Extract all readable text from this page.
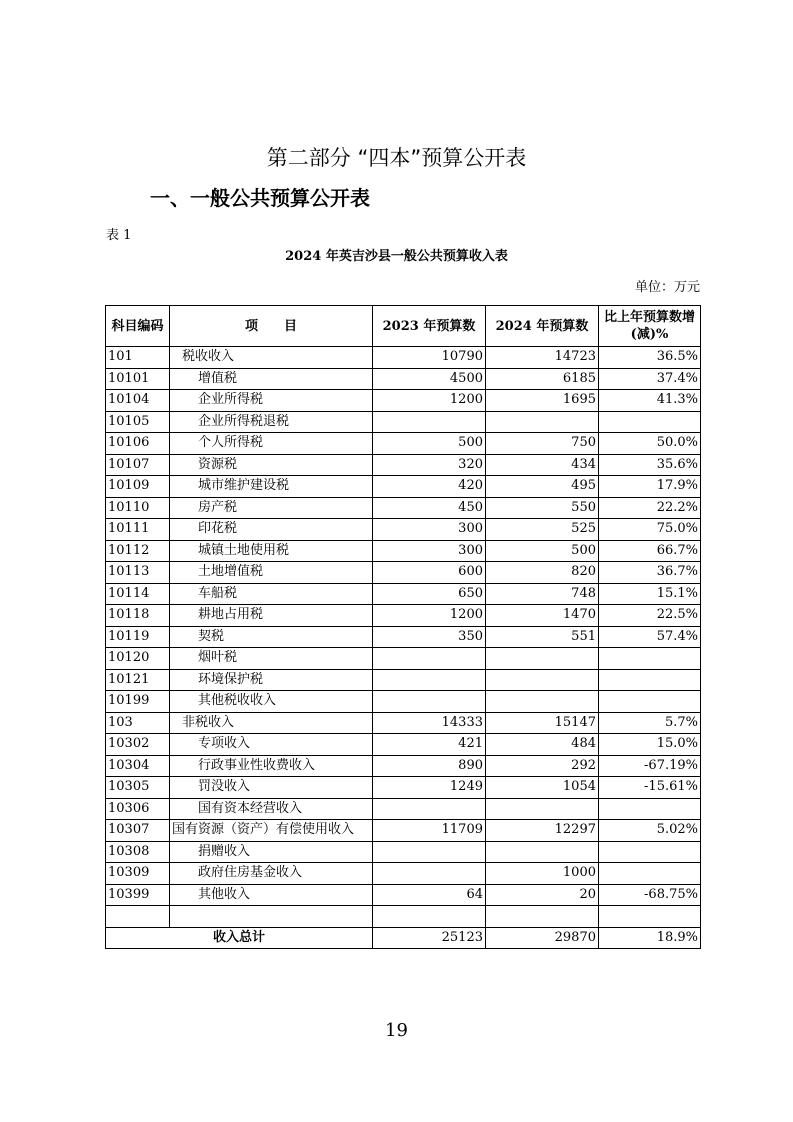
第二部分 “四本”预算公开表
一、一般公共预算公开表
表 1
2024 年英吉沙县一般公共预算收入表
单位：万元
科目编码	项　　目	2023 年预算数	2024 年预算数	比上年预算数增(减)%
101	税收收入	10790	14723	36.5%
10101	增值税	4500	6185	37.4%
10104	企业所得税	1200	1695	41.3%
10105	企业所得税退税			
10106	个人所得税	500	750	50.0%
10107	资源税	320	434	35.6%
10109	城市维护建设税	420	495	17.9%
10110	房产税	450	550	22.2%
10111	印花税	300	525	75.0%
10112	城镇土地使用税	300	500	66.7%
10113	土地增值税	600	820	36.7%
10114	车船税	650	748	15.1%
10118	耕地占用税	1200	1470	22.5%
10119	契税	350	551	57.4%
10120	烟叶税			
10121	环境保护税			
10199	其他税收收入			
103	非税收入	14333	15147	5.7%
10302	专项收入	421	484	15.0%
10304	行政事业性收费收入	890	292	-67.19%
10305	罚没收入	1249	1054	-15.61%
10306	国有资本经营收入			
10307	国有资源（资产）有偿使用收入	11709	12297	5.02%
10308	捐赠收入			
10309	政府住房基金收入		1000	
10399	其他收入	64	20	-68.75%

收入总计		25123	29870	18.9%
19
